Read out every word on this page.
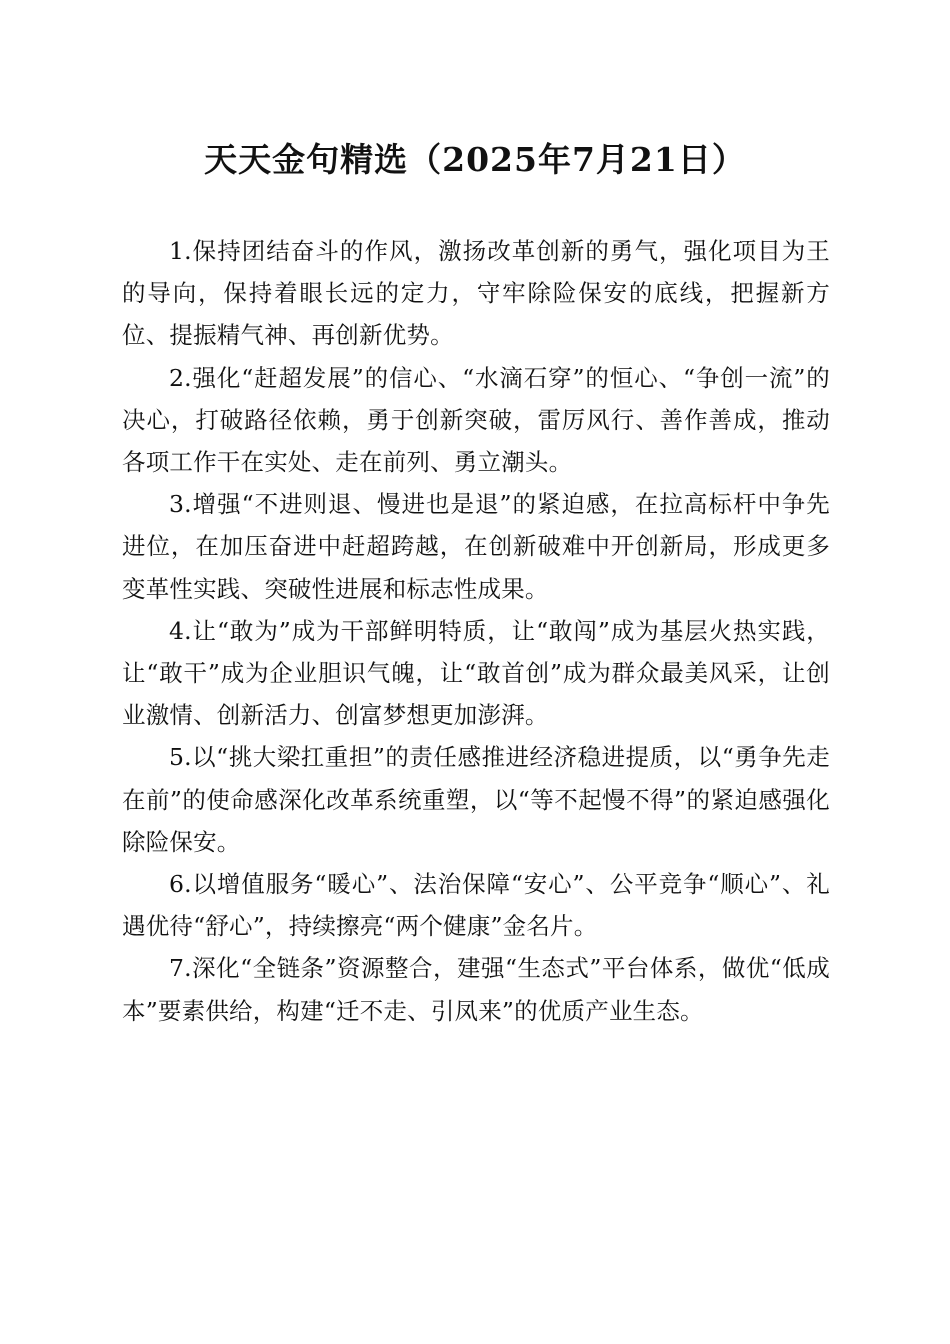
天天金句精选（2025年7月21日）

1.保持团结奋斗的作风，激扬改革创新的勇气，强化项目为王的导向，保持着眼长远的定力，守牢除险保安的底线，把握新方位、提振精气神、再创新优势。

2.强化“赶超发展”的信心、“水滴石穿”的恒心、“争创一流”的决心，打破路径依赖，勇于创新突破，雷厉风行、善作善成，推动各项工作干在实处、走在前列、勇立潮头。

3.增强“不进则退、慢进也是退”的紧迫感，在拉高标杆中争先进位，在加压奋进中赶超跨越，在创新破难中开创新局，形成更多变革性实践、突破性进展和标志性成果。

4.让“敢为”成为干部鲜明特质，让“敢闯”成为基层火热实践，让“敢干”成为企业胆识气魄，让“敢首创”成为群众最美风采，让创业激情、创新活力、创富梦想更加澎湃。

5.以“挑大梁扛重担”的责任感推进经济稳进提质，以“勇争先走在前”的使命感深化改革系统重塑，以“等不起慢不得”的紧迫感强化除险保安。

6.以增值服务“暖心”、法治保障“安心”、公平竞争“顺心”、礼遇优待“舒心”，持续擦亮“两个健康”金名片。

7.深化“全链条”资源整合，建强“生态式”平台体系，做优“低成本”要素供给，构建“迁不走、引凤来”的优质产业生态。
